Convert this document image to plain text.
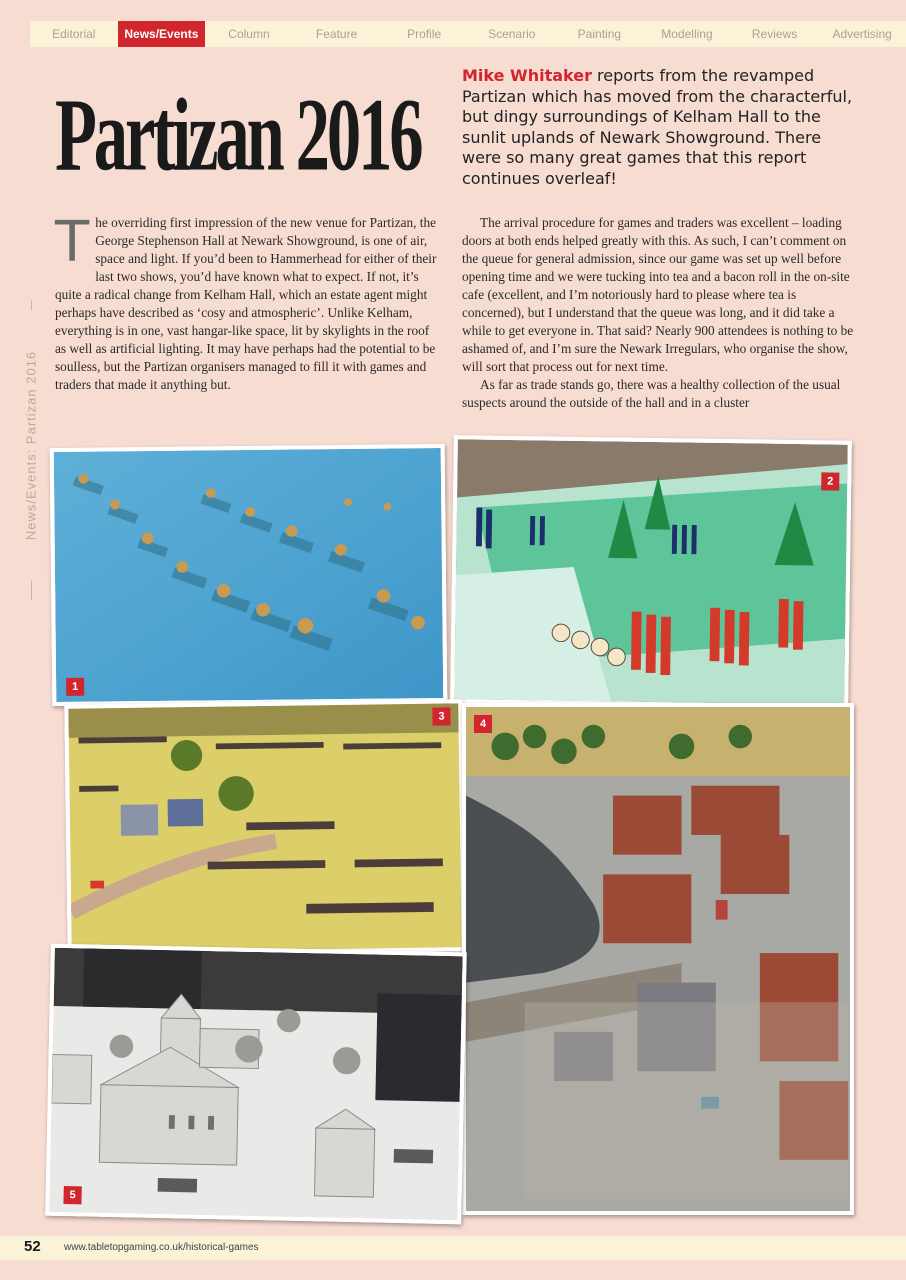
Editorial	News/Events	Column	Feature	Profile	Scenario	Painting	Modelling	Reviews	Advertising
News/Events: Partizan 2016
Partizan 2016
Mike Whitaker reports from the revamped Partizan which has moved from the characterful, but dingy surroundings of Kelham Hall to the sunlit uplands of Newark Showground. There were so many great games that this report continues overleaf!
T he overriding first impression of the new venue for Partizan, the George Stephenson Hall at Newark Showground, is one of air, space and light. If you’d been to Hammerhead for either of their last two shows, you’d have known what to expect. If not, it’s quite a radical change from Kelham Hall, which an estate agent might perhaps have described as ‘cosy and atmospheric’. Unlike Kelham, everything is in one, vast hangar-like space, lit by skylights in the roof as well as artificial lighting. It may have perhaps had the potential to be soulless, but the Partizan organisers managed to fill it with games and traders that made it anything but.

The arrival procedure for games and traders was excellent – loading doors at both ends helped greatly with this. As such, I can’t comment on the queue for general admission, since our game was set up well before opening time and we were tucking into tea and a bacon roll in the on-site cafe (excellent, and I’m notoriously hard to please where tea is concerned), but I understand that the queue was long, and it did take a while to get everyone in. That said? Nearly 900 attendees is nothing to be ashamed of, and I’m sure the Newark Irregulars, who organise the show, will sort that process out for next time.

As far as trade stands go, there was a healthy collection of the usual suspects around the outside of the hall and in a cluster

1
2
3
4
5
52 www.tabletopgaming.co.uk/historical-games
